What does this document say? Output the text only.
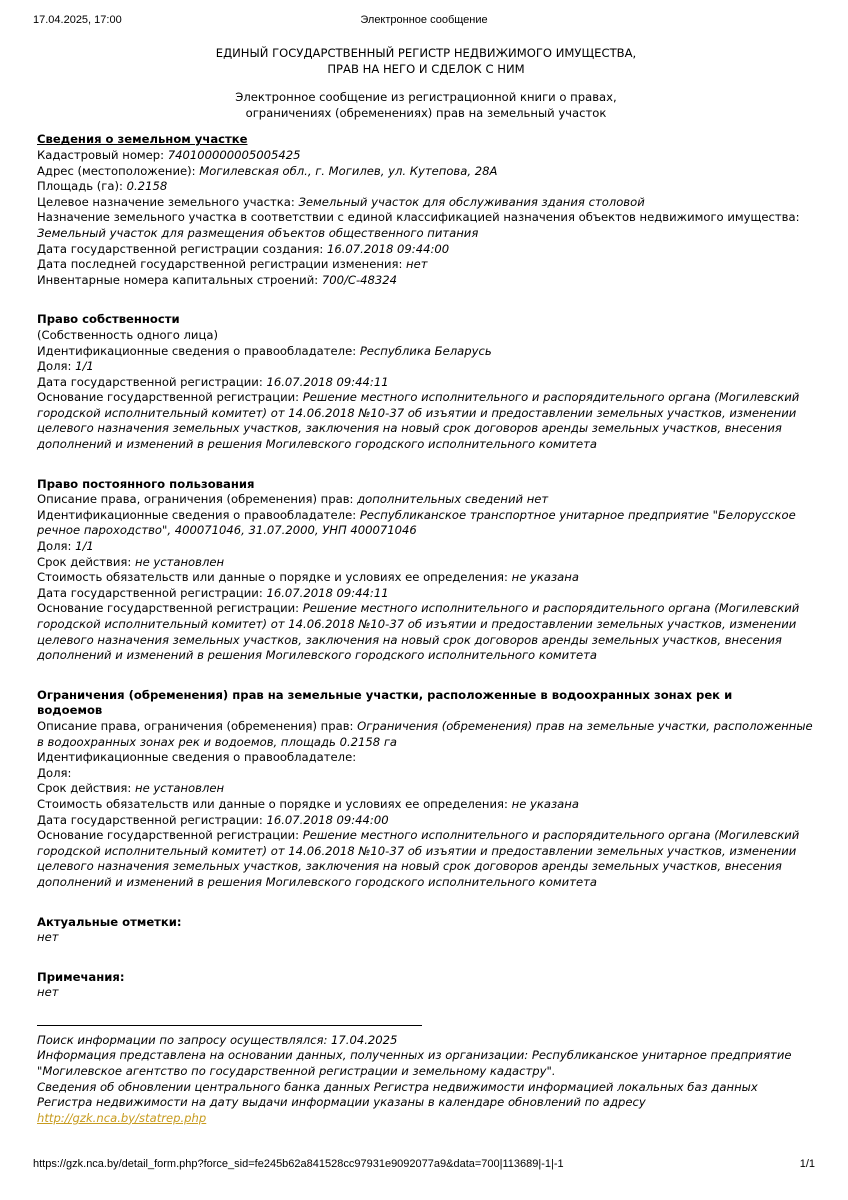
17.04.2025, 17:00	Электронное сообщение
ЕДИНЫЙ ГОСУДАРСТВЕННЫЙ РЕГИСТР НЕДВИЖИМОГО ИМУЩЕСТВА,
ПРАВ НА НЕГО И СДЕЛОК С НИМ
Электронное сообщение из регистрационной книги о правах,
ограничениях (обременениях) прав на земельный участок
Сведения о земельном участке

Кадастровый номер: 740100000005005425

Адрес (местоположение): Могилевская обл., г. Могилев, ул. Кутепова, 28А

Площадь (га): 0.2158

Целевое назначение земельного участка: Земельный участок для обслуживания здания столовой

Назначение земельного участка в соответствии с единой классификацией назначения объектов недвижимого имущества:
Земельный участок для размещения объектов общественного питания

Дата государственной регистрации создания: 16.07.2018 09:44:00

Дата последней государственной регистрации изменения: нет

Инвентарные номера капитальных строений: 700/С-48324

Право собственности

(Собственность одного лица)

Идентификационные сведения о правообладателе: Республика Беларусь

Доля: 1/1

Дата государственной регистрации: 16.07.2018 09:44:11

Основание государственной регистрации: Решение местного исполнительного и распорядительного органа (Могилевский городской исполнительный комитет) от 14.06.2018 №10-37 об изъятии и предоставлении земельных участков, изменении целевого назначения земельных участков, заключения на новый срок договоров аренды земельных участков, внесения дополнений и изменений в решения Могилевского городского исполнительного комитета

Право постоянного пользования

Описание права, ограничения (обременения) прав: дополнительных сведений нет

Идентификационные сведения о правообладателе: Республиканское транспортное унитарное предприятие "Белорусское речное пароходство", 400071046, 31.07.2000, УНП 400071046

Доля: 1/1

Срок действия: не установлен

Стоимость обязательств или данные о порядке и условиях ее определения: не указана

Дата государственной регистрации: 16.07.2018 09:44:11

Основание государственной регистрации: Решение местного исполнительного и распорядительного органа (Могилевский городской исполнительный комитет) от 14.06.2018 №10-37 об изъятии и предоставлении земельных участков, изменении целевого назначения земельных участков, заключения на новый срок договоров аренды земельных участков, внесения дополнений и изменений в решения Могилевского городского исполнительного комитета

Ограничения (обременения) прав на земельные участки, расположенные в водоохранных зонах рек и водоемов

Описание права, ограничения (обременения) прав: Ограничения (обременения) прав на земельные участки, расположенные в водоохранных зонах рек и водоемов, площадь 0.2158 га

Идентификационные сведения о правообладателе:

Доля:

Срок действия: не установлен

Стоимость обязательств или данные о порядке и условиях ее определения: не указана

Дата государственной регистрации: 16.07.2018 09:44:00

Основание государственной регистрации: Решение местного исполнительного и распорядительного органа (Могилевский городской исполнительный комитет) от 14.06.2018 №10-37 об изъятии и предоставлении земельных участков, изменении целевого назначения земельных участков, заключения на новый срок договоров аренды земельных участков, внесения дополнений и изменений в решения Могилевского городского исполнительного комитета

Актуальные отметки:

нет

Примечания:

нет

Поиск информации по запросу осуществлялся: 17.04.2025

Информация представлена на основании данных, полученных из организации: Республиканское унитарное предприятие "Могилевское агентство по государственной регистрации и земельному кадастру".

Сведения об обновлении центрального банка данных Регистра недвижимости информацией локальных баз данных Регистра недвижимости на дату выдачи информации указаны в календаре обновлений по адресу

http://gzk.nca.by/statrep.php
https://gzk.nca.by/detail_form.php?force_sid=fe245b62a841528cc97931e9092077a9&data=700|113689|-1|-1	1/1
